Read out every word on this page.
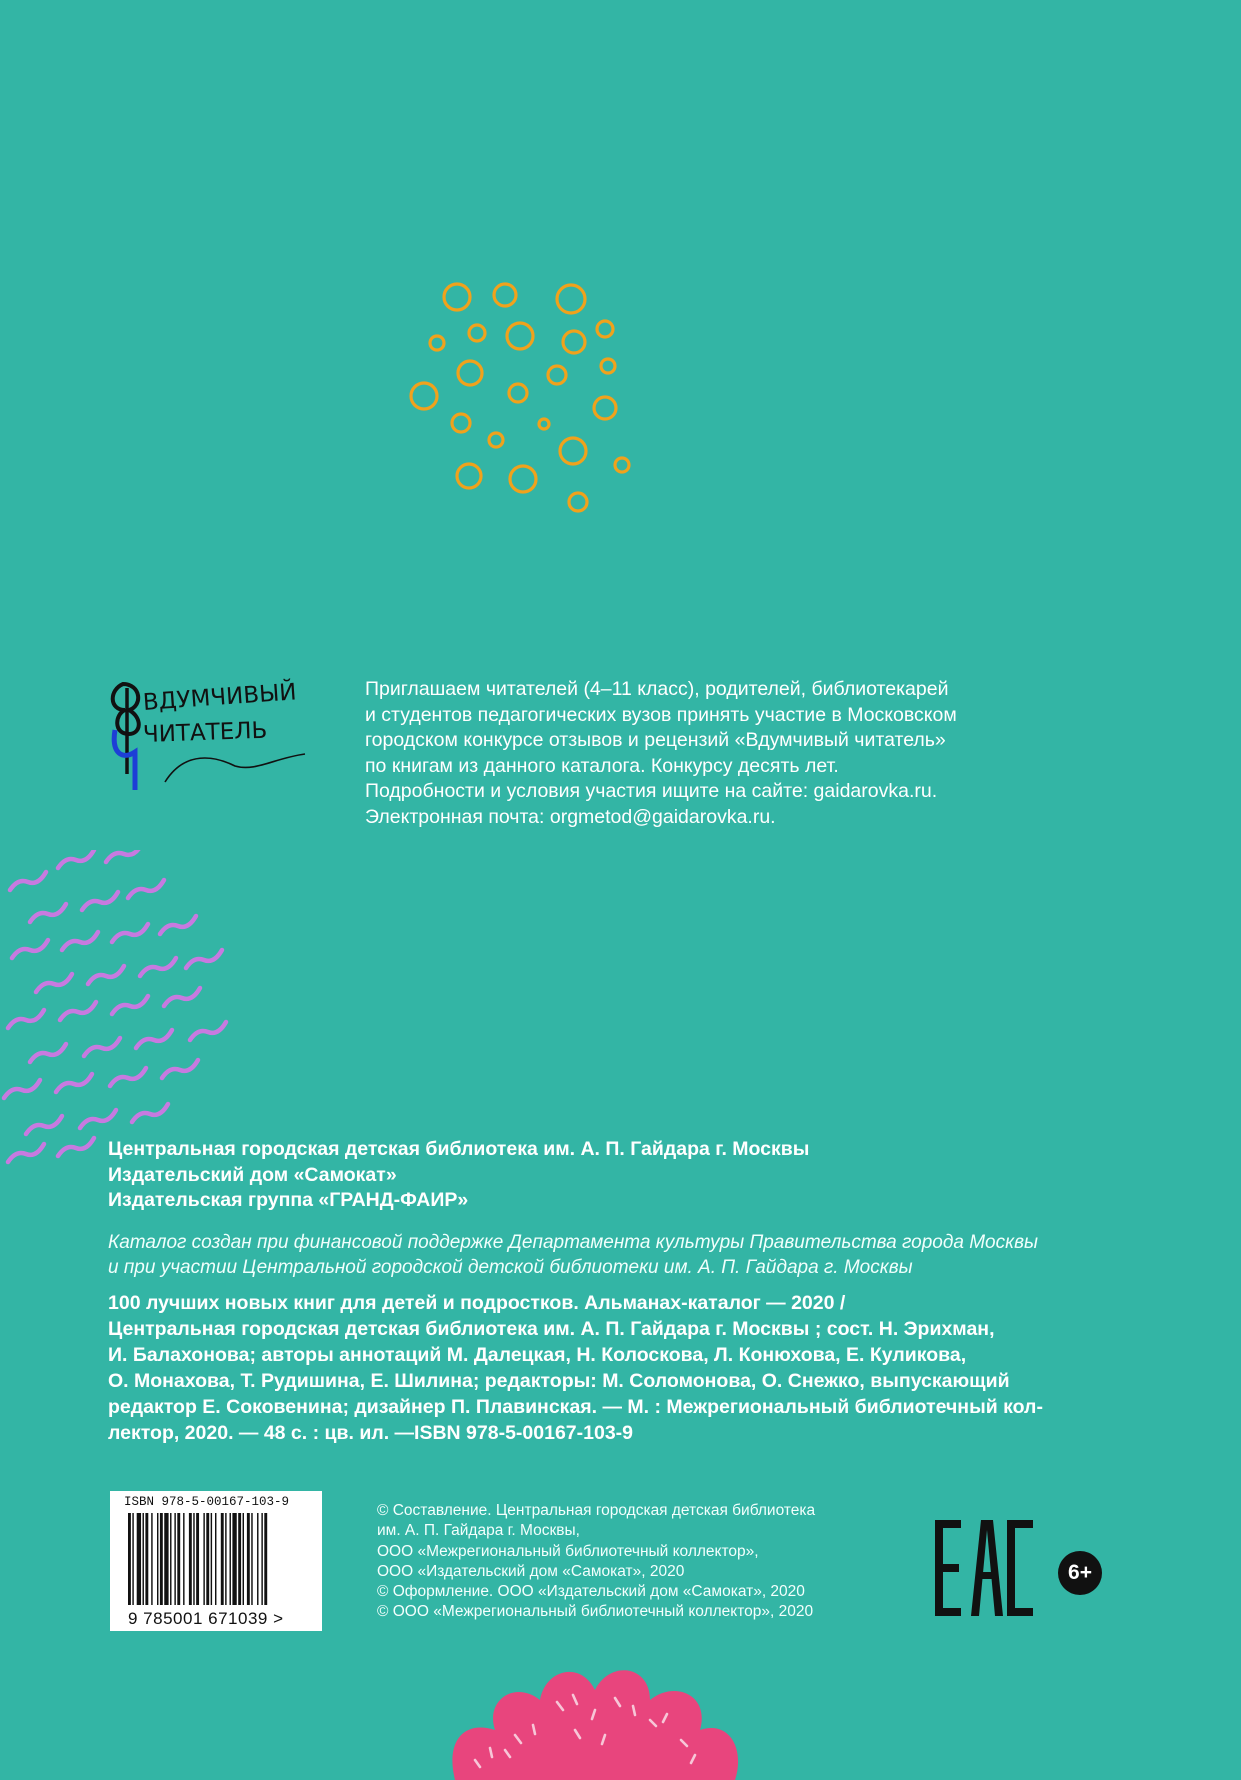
ВДУМЧИВЫЙ
ЧИТАТЕЛЬ
Приглашаем читателей (4–11 класс), родителей, библиотекарей
и студентов педагогических вузов принять участие в Московском
городском конкурсе отзывов и рецензий «Вдумчивый читатель»
по книгам из данного каталога. Конкурсу десять лет.
Подробности и условия участия ищите на сайте: gaidarovka.ru.
Электронная почта: orgmetod@gaidarovka.ru.
Центральная городская детская библиотека им. А. П. Гайдара г. Москвы
Издательский дом «Самокат»
Издательская группа «ГРАНД-ФАИР»
Каталог создан при финансовой поддержке Департамента культуры Правительства города Москвы
и при участии Центральной городской детской библиотеки им. А. П. Гайдара г. Москвы
100 лучших новых книг для детей и подростков. Альманах-каталог — 2020 /
Центральная городская детская библиотека им. А. П. Гайдара г. Москвы ; сост. Н. Эрихман,
И. Балахонова; авторы аннотаций М. Далецкая, Н. Колоскова, Л. Конюхова, Е. Куликова,
О. Монахова, Т. Рудишина, Е. Шилина; редакторы: М. Соломонова, О. Снежко, выпускающий
редактор Е. Соковенина; дизайнер П. Плавинская. — М. : Межрегиональный библиотечный кол-
лектор, 2020. — 48 с. : цв. ил. —ISBN 978-5-00167-103-9
ISBN 978-5-00167-103-9
9 785001 671039 >
© Составление. Центральная городская детская библиотека
им. А. П. Гайдара г. Москвы,
ООО «Межрегиональный библиотечный коллектор»,
ООО «Издательский дом «Самокат», 2020
© Оформление. ООО «Издательский дом «Самокат», 2020
© ООО «Межрегиональный библиотечный коллектор», 2020
6+
